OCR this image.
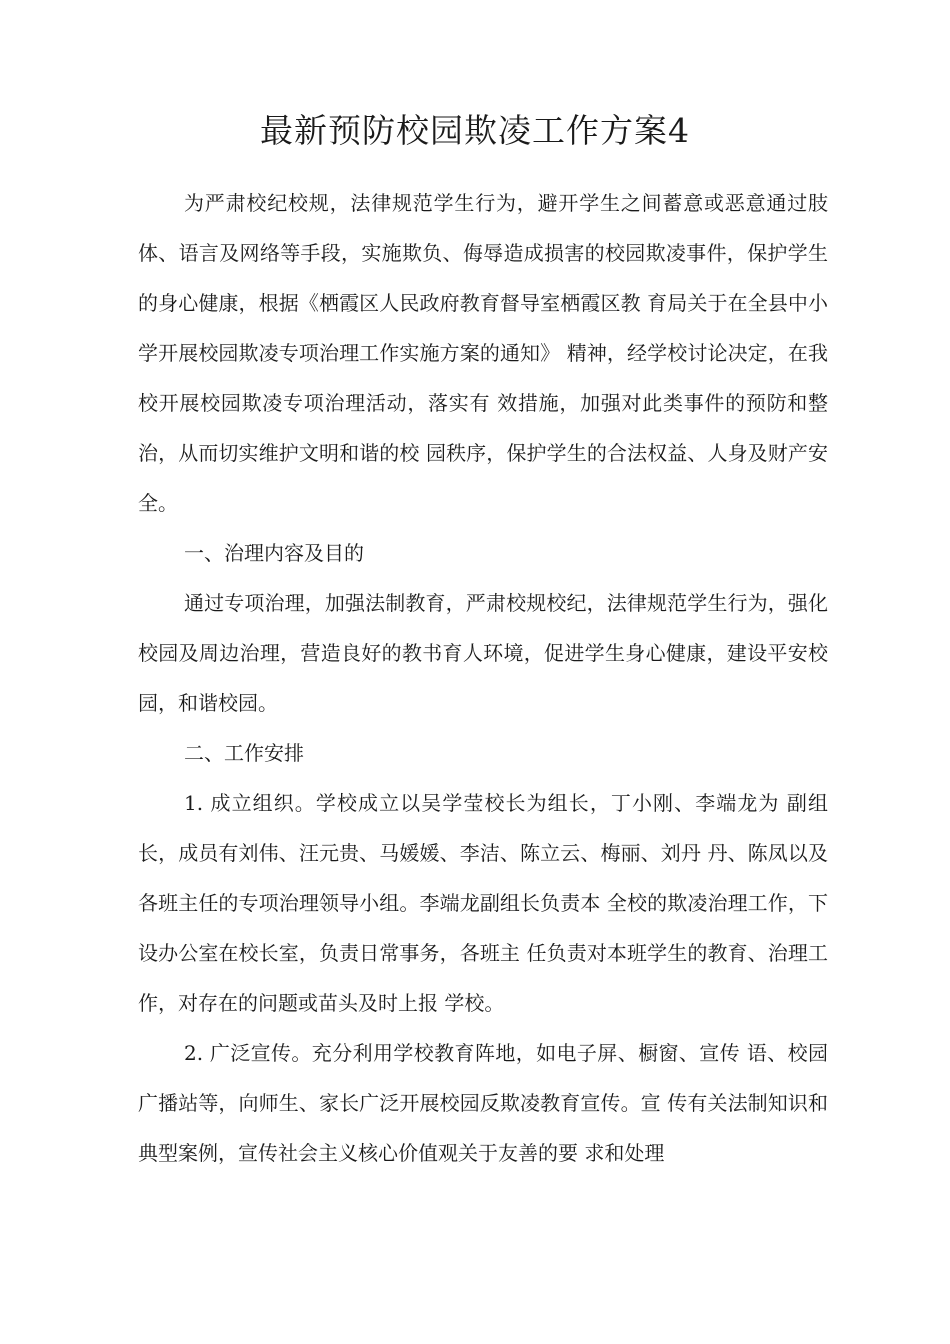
最新预防校园欺凌工作方案4

为严肃校纪校规，法律规范学生行为，避开学生之间蓄意或恶意通过肢体、语言及网络等手段，实施欺负、侮辱造成损害的校园欺凌事件，保护学生的身心健康，根据《栖霞区人民政府教育督导室栖霞区教 育局关于在全县中小学开展校园欺凌专项治理工作实施方案的通知》 精神，经学校讨论决定，在我校开展校园欺凌专项治理活动，落实有 效措施，加强对此类事件的预防和整治，从而切实维护文明和谐的校 园秩序，保护学生的合法权益、人身及财产安全。

一、治理内容及目的

通过专项治理，加强法制教育，严肃校规校纪，法律规范学生行为，强化校园及周边治理，营造良好的教书育人环境，促进学生身心健康，建设平安校园，和谐校园。

二、工作安排

1. 成立组织。学校成立以吴学莹校长为组长，丁小刚、李端龙为 副组长，成员有刘伟、汪元贵、马媛媛、李洁、陈立云、梅丽、刘丹 丹、陈凤以及各班主任的专项治理领导小组。李端龙副组长负责本 全校的欺凌治理工作，下设办公室在校长室，负责日常事务，各班主 任负责对本班学生的教育、治理工作，对存在的问题或苗头及时上报 学校。

2. 广泛宣传。充分利用学校教育阵地，如电子屏、橱窗、宣传 语、校园广播站等，向师生、家长广泛开展校园反欺凌教育宣传。宣 传有关法制知识和典型案例，宣传社会主义核心价值观关于友善的要 求和处理
